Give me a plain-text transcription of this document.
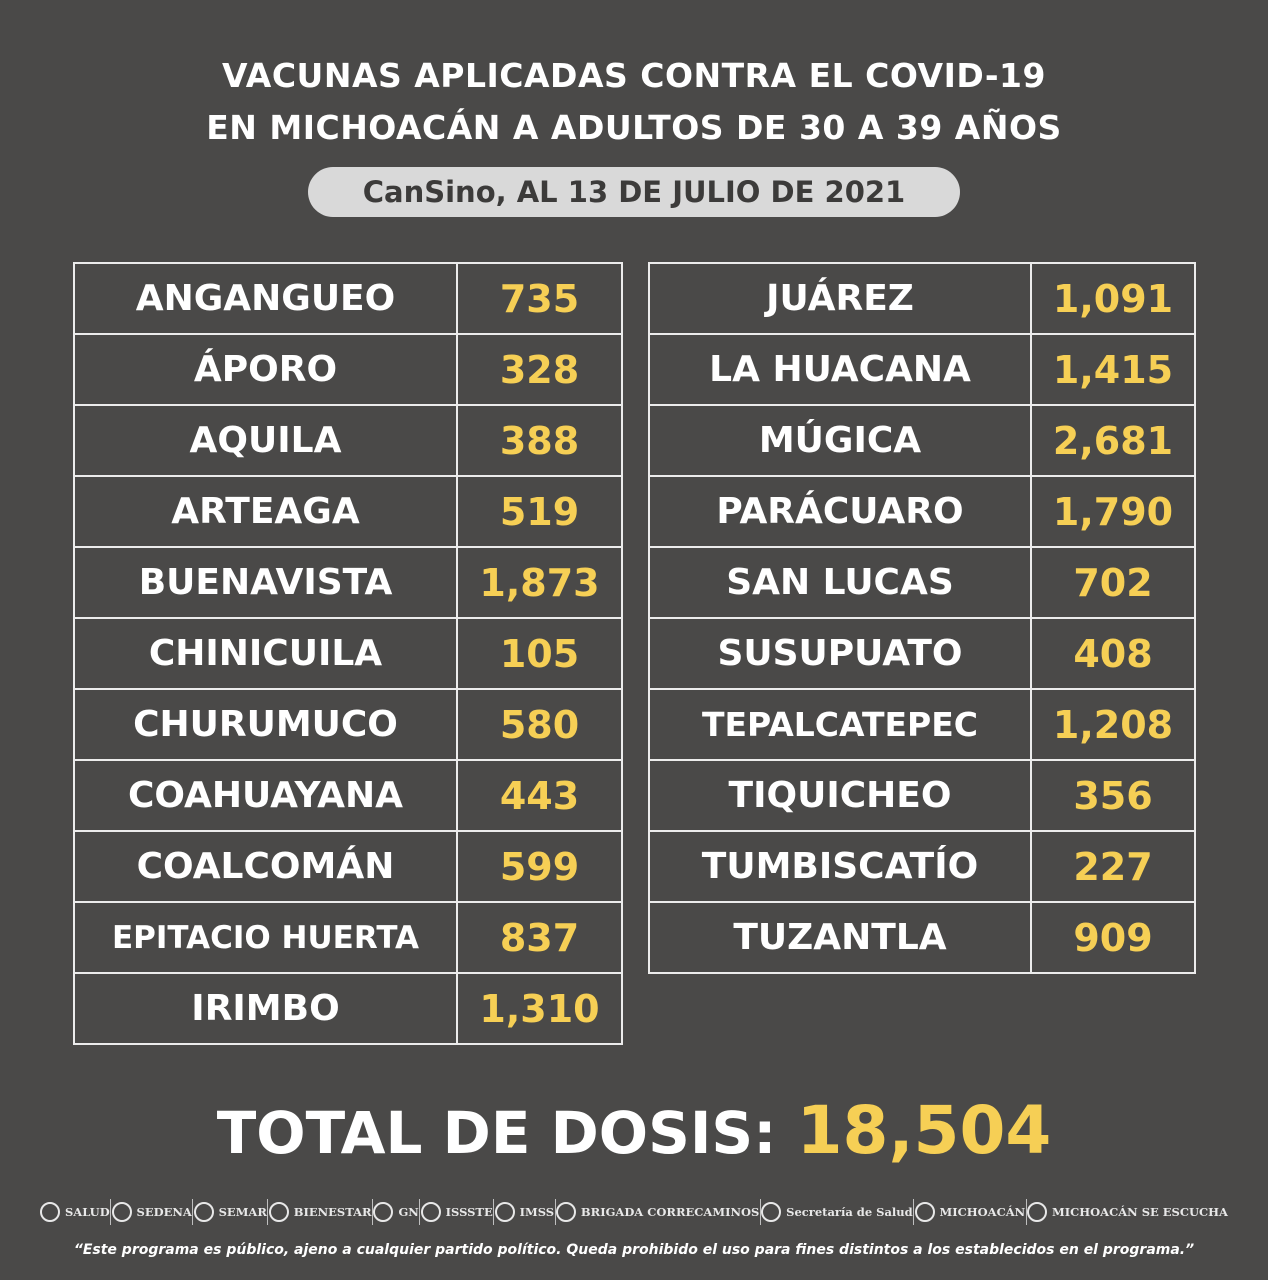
VACUNAS APLICADAS CONTRA EL COVID-19
EN MICHOACÁN A ADULTOS DE 30 A 39 AÑOS
CanSino, AL 13 DE JULIO DE 2021
ANGANGUEO	735
ÁPORO	328
AQUILA	388
ARTEAGA	519
BUENAVISTA	1,873
CHINICUILA	105
CHURUMUCO	580
COAHUAYANA	443
COALCOMÁN	599
EPITACIO HUERTA	837
IRIMBO	1,310
JUÁREZ	1,091
LA HUACANA	1,415
MÚGICA	2,681
PARÁCUARO	1,790
SAN LUCAS	702
SUSUPUATO	408
TEPALCATEPEC	1,208
TIQUICHEO	356
TUMBISCATÍO	227
TUZANTLA	909
TOTAL DE DOSIS: 18,504
SALUD SEDENA SEMAR BIENESTAR GN ISSSTE IMSS BRIGADA CORRECAMINOS Secretaría de Salud MICHOACÁN MICHOACÁN SE ESCUCHA
“Este programa es público, ajeno a cualquier partido político. Queda prohibido el uso para fines distintos a los establecidos en el programa.”
